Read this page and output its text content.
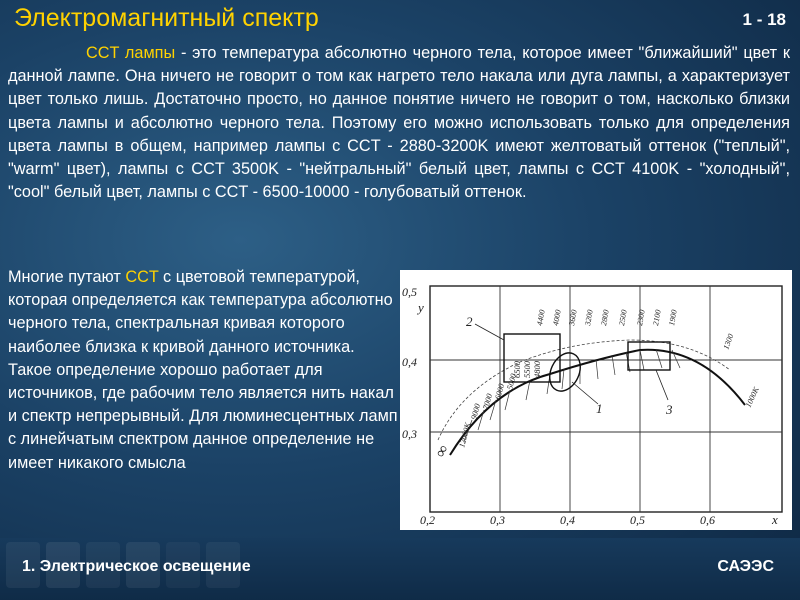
Электромагнитный спектр	1 - 18
CCT лампы - это температура абсолютно черного тела, которое имеет "ближайший" цвет к данной лампе. Она ничего не говорит о том как нагрето тело накала или дуга лампы, а характеризует цвет только лишь. Достаточно просто, но данное понятие ничего не говорит о том, насколько близки цвета лампы и абсолютно черного тела. Поэтому его можно использовать только для определения цвета лампы в общем, например лампы с CCT - 2880-3200K имеют желтоватый оттенок ("теплый", "warm" цвет), лампы с CCT 3500K - "нейтральный" белый цвет, лампы с CCT 4100K - "холодный", "cool" белый цвет, лампы с CCT - 6500-10000 - голубоватый оттенок.
Многие путают CCT с цветовой температурой, которая определяется как температура абсолютно черного тела, спектральная кривая которого наиболее близка к кривой данного источника. Такое определение хорошо работает для источников, где рабочим тело является нить накал и спектр непрерывный. Для люминесцентных ламп с линейчатым спектром данное определение не имеет никакого смысла
0,5
y
0,4
0,3
0,2	0,3	0,4	0,5	0,6	x
∞
1
2
3
6500 5500 4800
12000K
9000
7000
6000
5000
4400 4000 3600 3200 2800 2500 2300 2100 1900
1300
1000K
1. Электрическое освещение	САЭЭС
